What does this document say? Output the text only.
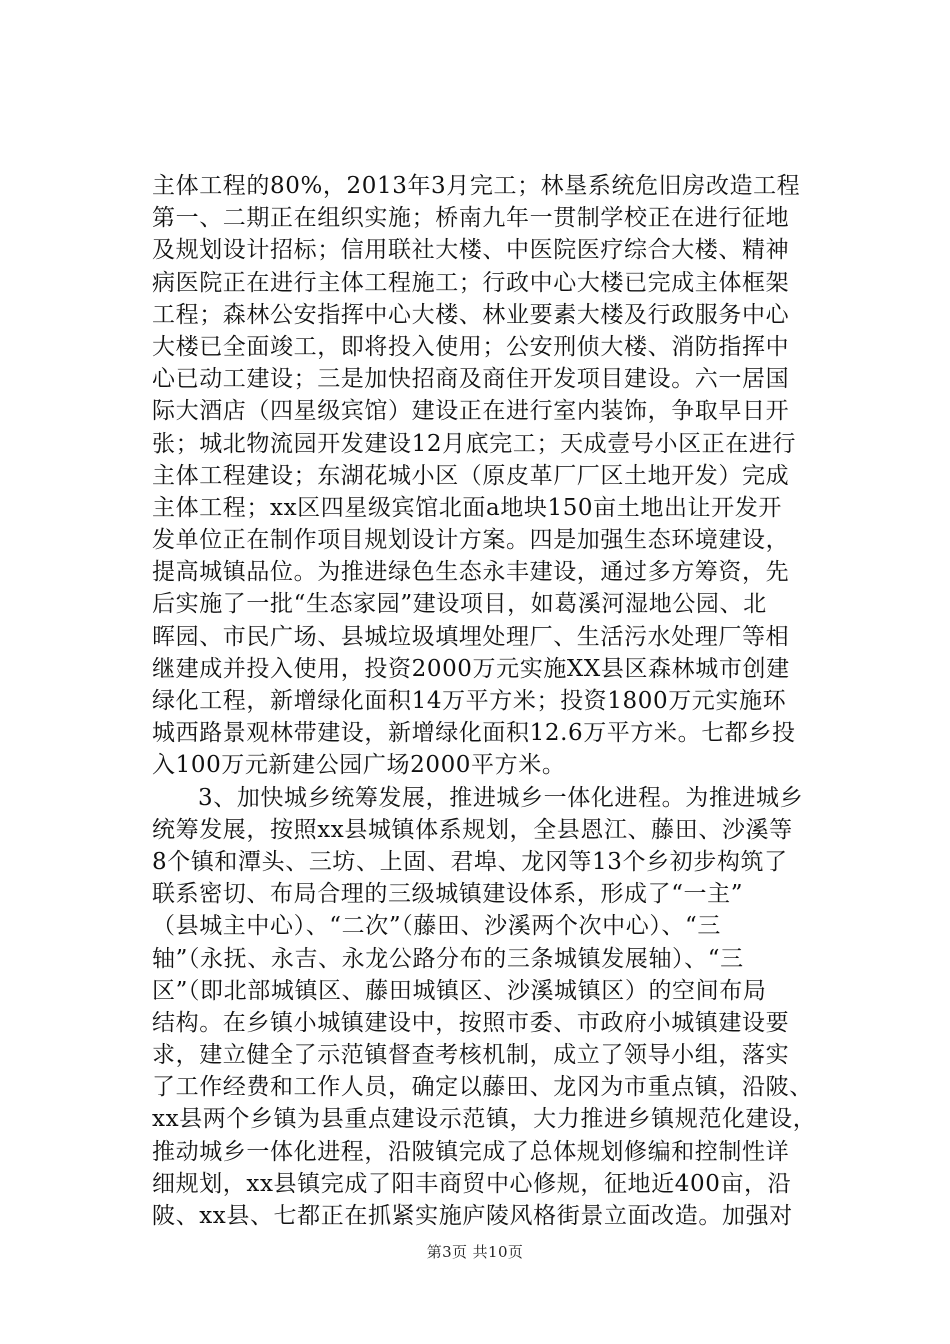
主体工程的80%，2013年3月完工；林垦系统危旧房改造工程
第一、二期正在组织实施；桥南九年一贯制学校正在进行征地
及规划设计招标；信用联社大楼、中医院医疗综合大楼、精神
病医院正在进行主体工程施工；行政中心大楼已完成主体框架
工程；森林公安指挥中心大楼、林业要素大楼及行政服务中心
大楼已全面竣工，即将投入使用；公安刑侦大楼、消防指挥中
心已动工建设；三是加快招商及商住开发项目建设。六一居国
际大酒店（四星级宾馆）建设正在进行室内装饰，争取早日开
张；城北物流园开发建设12月底完工；天成壹号小区正在进行
主体工程建设；东湖花城小区（原皮革厂厂区土地开发）完成
主体工程；xx区四星级宾馆北面a地块150亩土地出让开发开
发单位正在制作项目规划设计方案。四是加强生态环境建设，
提高城镇品位。为推进绿色生态永丰建设，通过多方筹资，先
后实施了一批“生态家园”建设项目，如葛溪河湿地公园、北
晖园、市民广场、县城垃圾填埋处理厂、生活污水处理厂等相
继建成并投入使用，投资2000万元实施XX县区森林城市创建
绿化工程，新增绿化面积14万平方米；投资1800万元实施环
城西路景观林带建设，新增绿化面积12.6万平方米。七都乡投
入100万元新建公园广场2000平方米。
3、加快城乡统筹发展，推进城乡一体化进程。为推进城乡
统筹发展，按照xx县城镇体系规划，全县恩江、藤田、沙溪等
8个镇和潭头、三坊、上固、君埠、龙冈等13个乡初步构筑了
联系密切、布局合理的三级城镇建设体系，形成了“一主”
（县城主中心）、“二次”（藤田、沙溪两个次中心）、“三
轴”（永抚、永吉、永龙公路分布的三条城镇发展轴）、“三
区”（即北部城镇区、藤田城镇区、沙溪城镇区）的空间布局
结构。在乡镇小城镇建设中，按照市委、市政府小城镇建设要
求，建立健全了示范镇督查考核机制，成立了领导小组，落实
了工作经费和工作人员，确定以藤田、龙冈为市重点镇，沿陂、
xx县两个乡镇为县重点建设示范镇，大力推进乡镇规范化建设，
推动城乡一体化进程，沿陂镇完成了总体规划修编和控制性详
细规划，xx县镇完成了阳丰商贸中心修规，征地近400亩，沿
陂、xx县、七都正在抓紧实施庐陵风格街景立面改造。加强对
第3页 共10页
